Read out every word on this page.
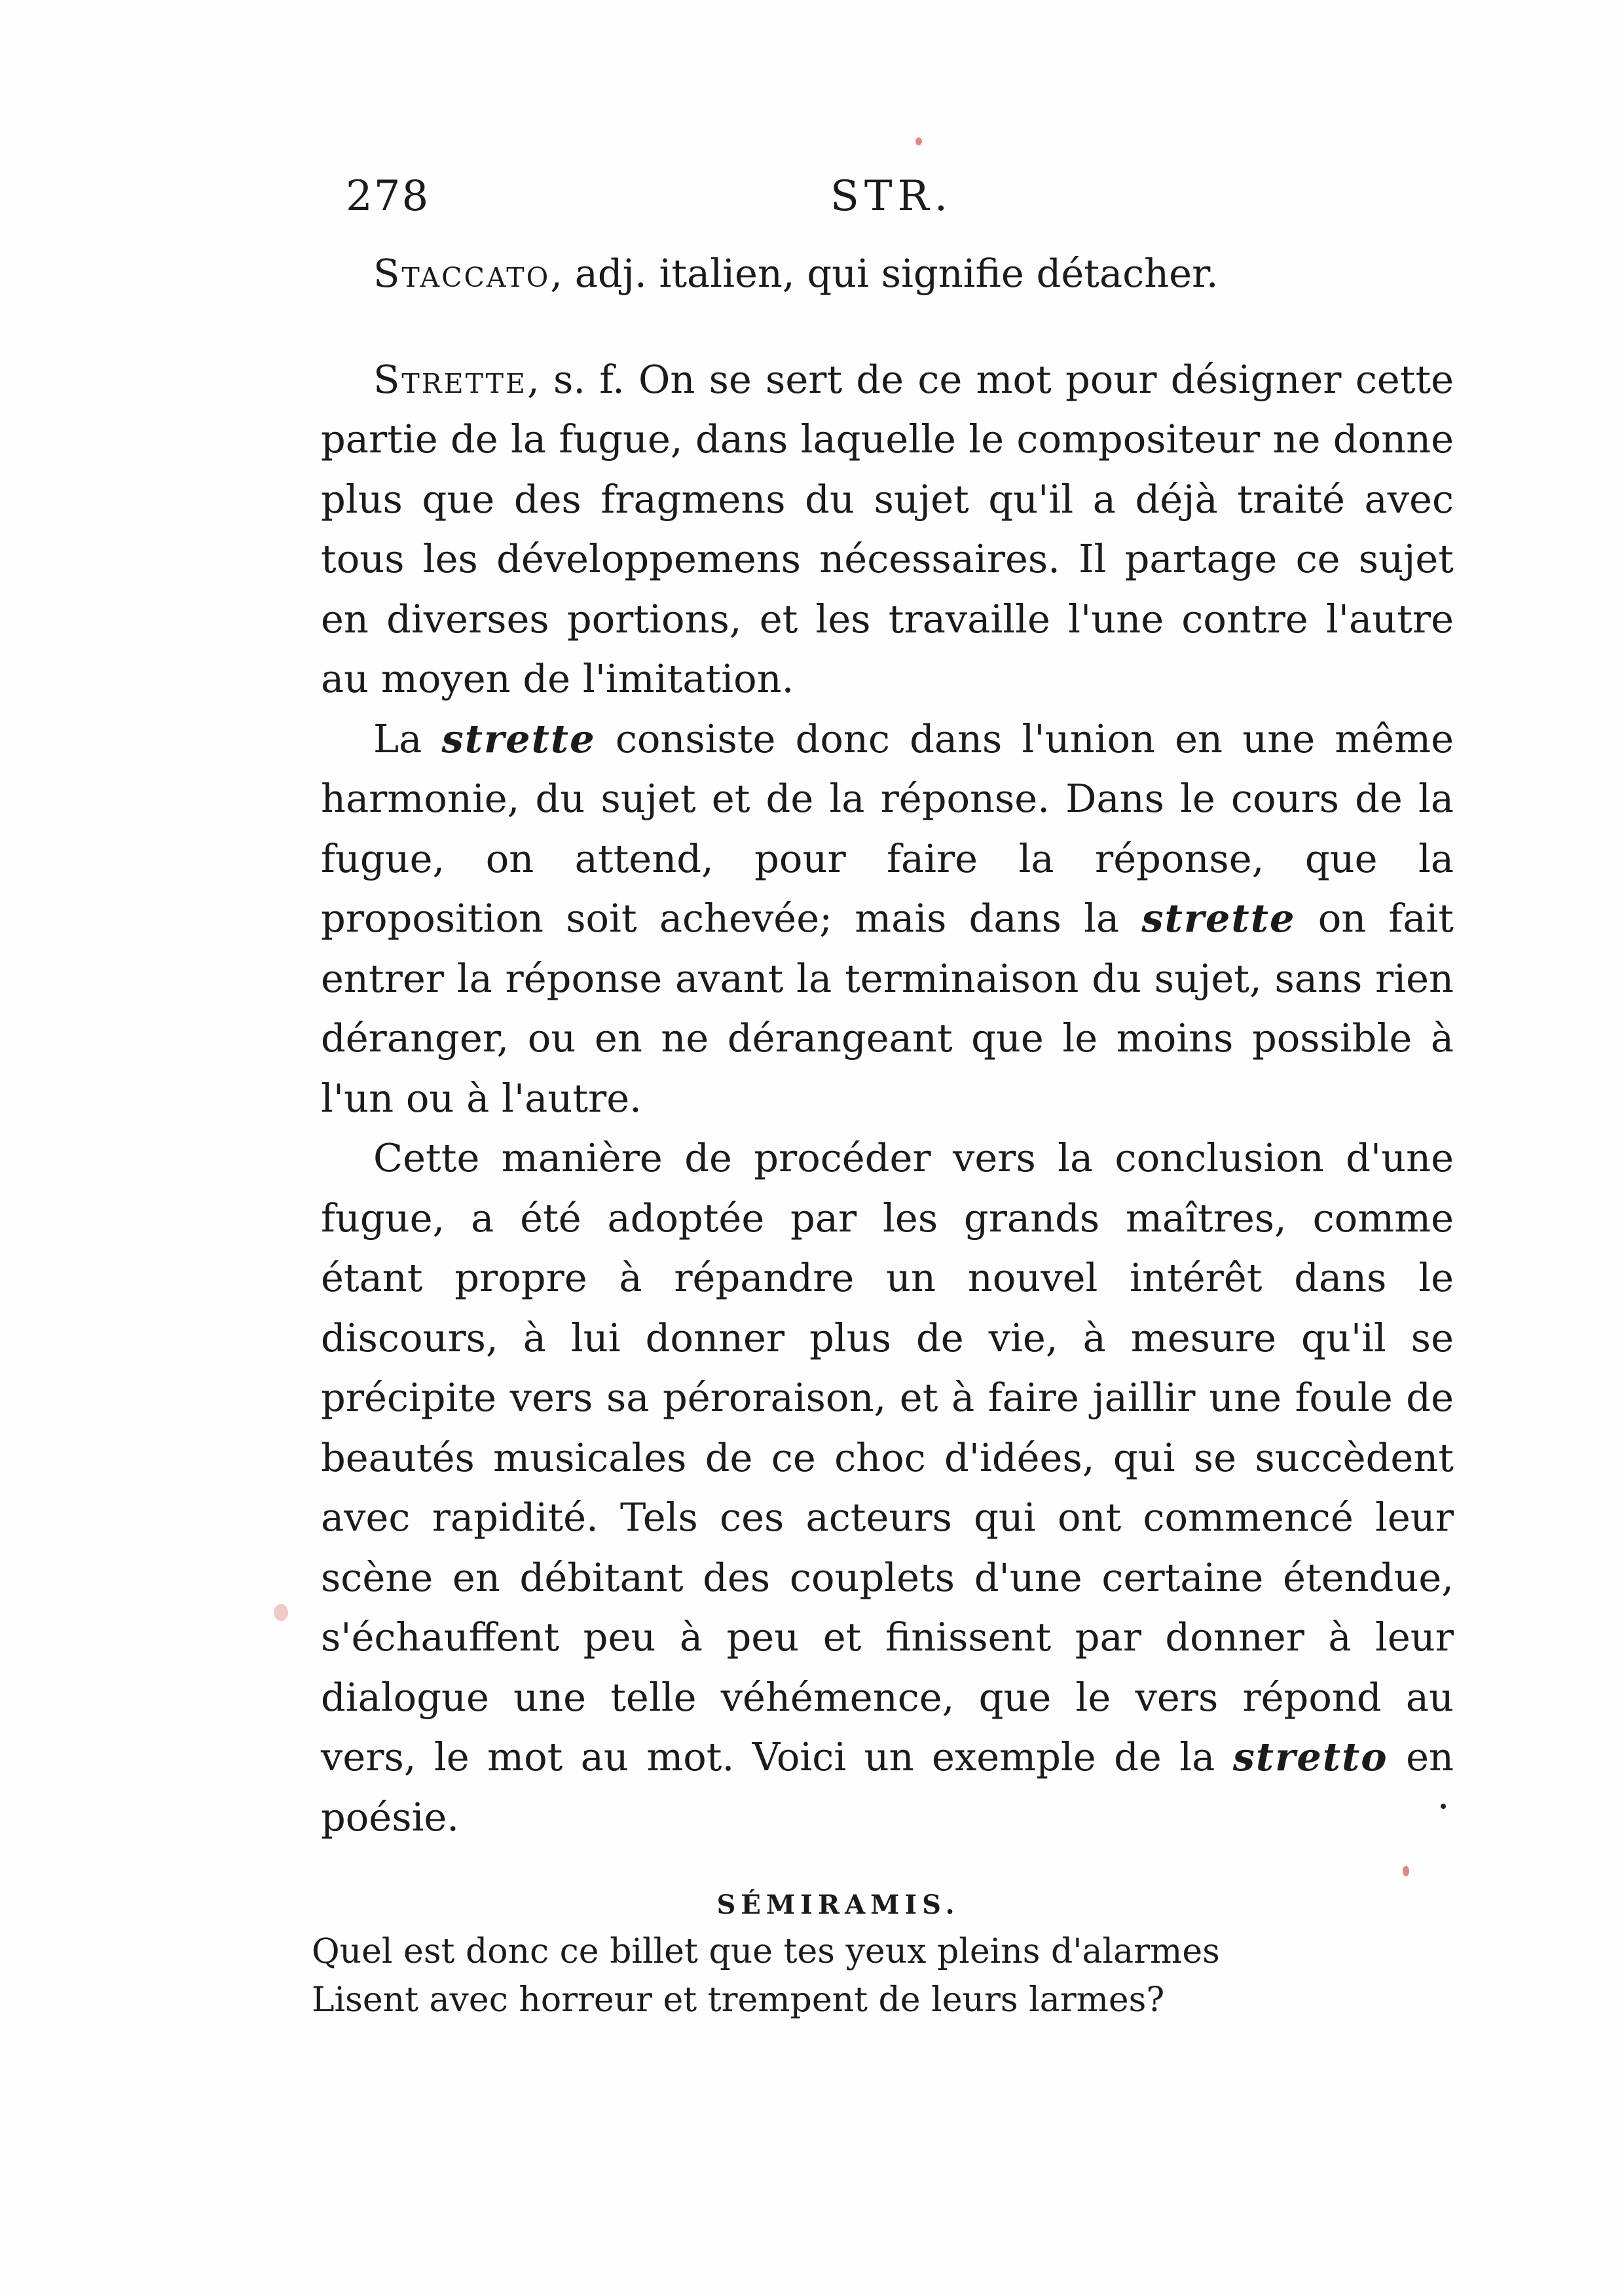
278	STR.

Staccato, adj. italien, qui signifie détacher.

Strette, s. f. On se sert de ce mot pour désigner cette partie de la fugue, dans laquelle le compositeur ne donne plus que des fragmens du sujet qu'il a déjà traité avec tous les développemens nécessaires. Il partage ce sujet en diverses portions, et les travaille l'une contre l'autre au moyen de l'imitation.

La strette consiste donc dans l'union en une même harmonie, du sujet et de la réponse. Dans le cours de la fugue, on attend, pour faire la réponse, que la proposition soit achevée; mais dans la strette on fait entrer la réponse avant la terminaison du sujet, sans rien déranger, ou en ne dérangeant que le moins possible à l'un ou à l'autre.

Cette manière de procéder vers la conclusion d'une fugue, a été adoptée par les grands maîtres, comme étant propre à répandre un nouvel intérêt dans le discours, à lui donner plus de vie, à mesure qu'il se précipite vers sa péroraison, et à faire jaillir une foule de beautés musicales de ce choc d'idées, qui se succèdent avec rapidité. Tels ces acteurs qui ont commencé leur scène en débitant des couplets d'une certaine étendue, s'échauffent peu à peu et finissent par donner à leur dialogue une telle véhémence, que le vers répond au vers, le mot au mot. Voici un exemple de la stretto en poésie.

SÉMIRAMIS.
Quel est donc ce billet que tes yeux pleins d'alarmes
Lisent avec horreur et trempent de leurs larmes?
